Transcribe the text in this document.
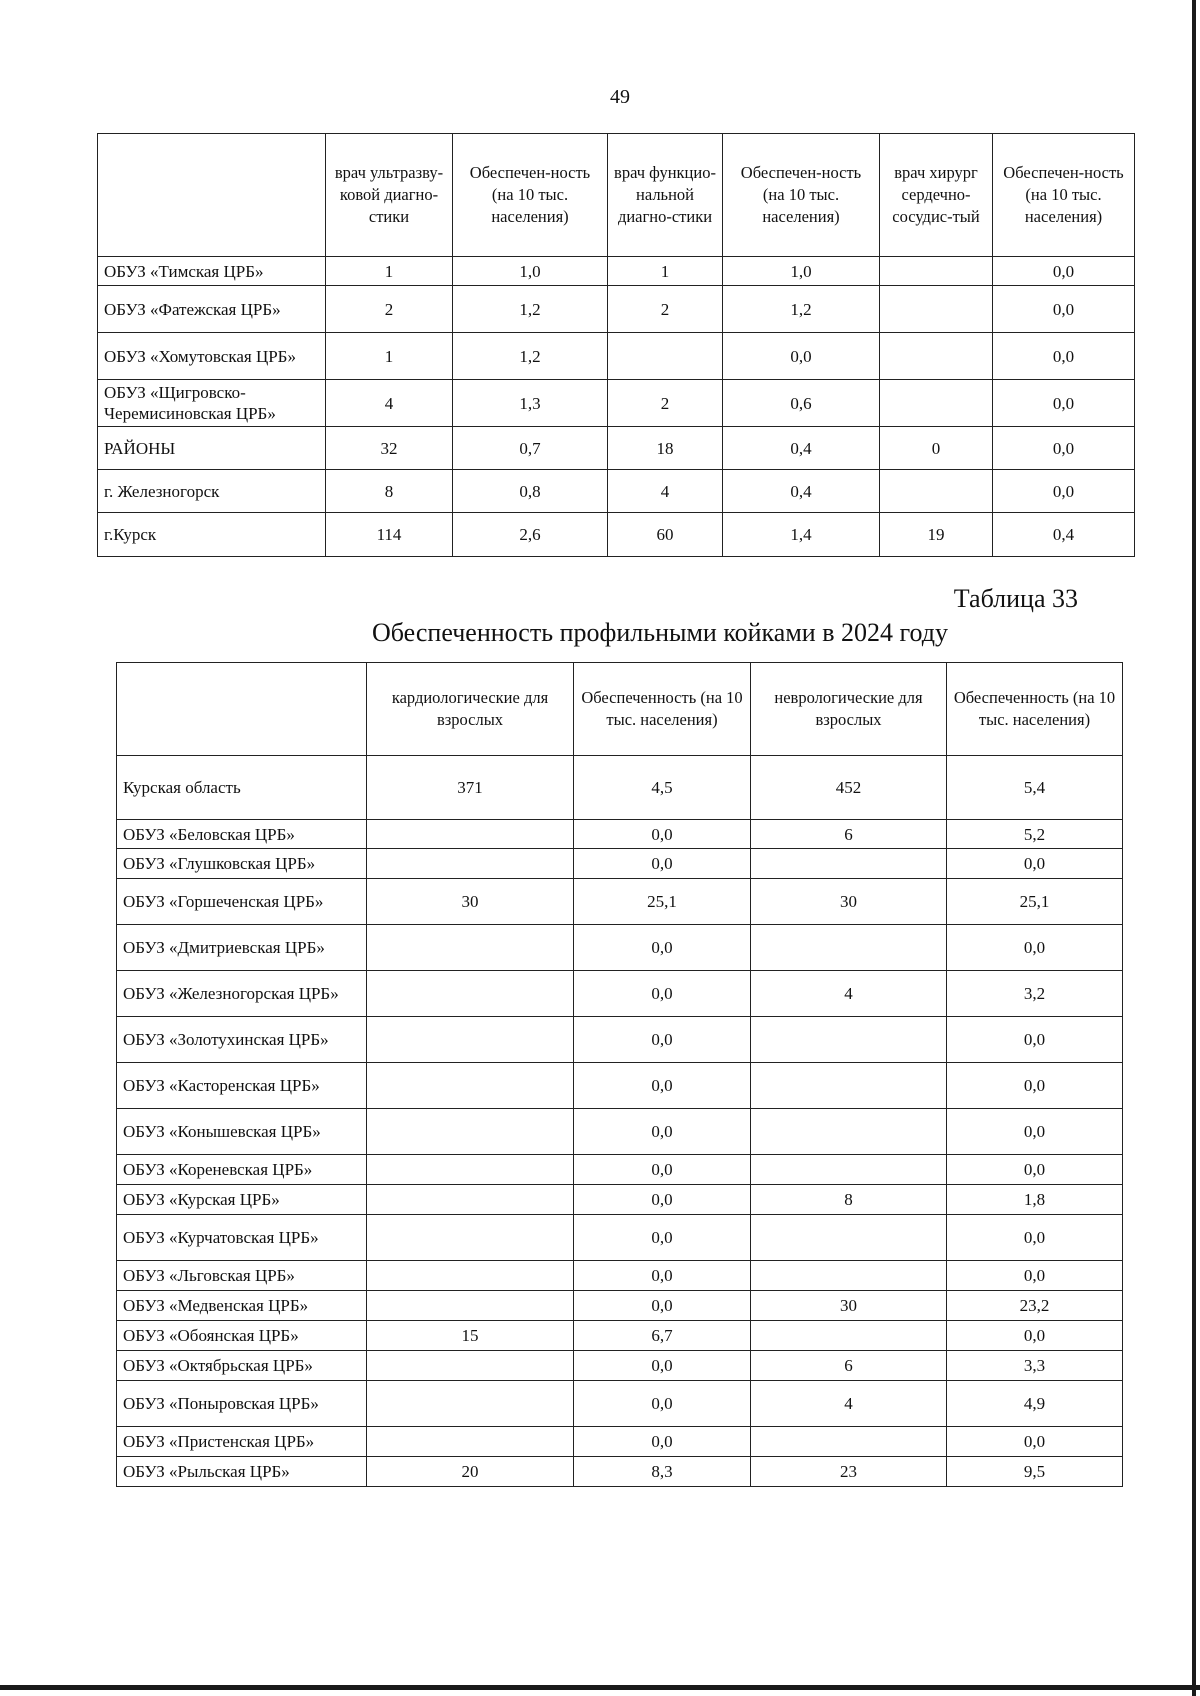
49
	врач ультразву-ковой диагно-стики	Обеспечен-ность (на 10 тыс. населения)	врач функцио-нальной диагно-стики	Обеспечен-ность (на 10 тыс. населения)	врач хирург сердечно-сосудис-тый	Обеспечен-ность (на 10 тыс. населения)
ОБУЗ «Тимская ЦРБ»	1	1,0	1	1,0		0,0
ОБУЗ «Фатежская ЦРБ»	2	1,2	2	1,2		0,0
ОБУЗ «Хомутовская ЦРБ»	1	1,2		0,0		0,0
ОБУЗ «Щигровско-Черемисиновская ЦРБ»	4	1,3	2	0,6		0,0
РАЙОНЫ	32	0,7	18	0,4	0	0,0
г. Железногорск	8	0,8	4	0,4		0,0
г.Курск	114	2,6	60	1,4	19	0,4
Таблица 33
Обеспеченность профильными койками в 2024 году
	кардиологические для взрослых	Обеспеченность (на 10 тыс. населения)	неврологические для взрослых	Обеспеченность (на 10 тыс. населения)
Курская область	371	4,5	452	5,4
ОБУЗ «Беловская ЦРБ»		0,0	6	5,2
ОБУЗ «Глушковская ЦРБ»		0,0		0,0
ОБУЗ «Горшеченская ЦРБ»	30	25,1	30	25,1
ОБУЗ «Дмитриевская ЦРБ»		0,0		0,0
ОБУЗ «Железногорская ЦРБ»		0,0	4	3,2
ОБУЗ «Золотухинская ЦРБ»		0,0		0,0
ОБУЗ «Касторенская ЦРБ»		0,0		0,0
ОБУЗ «Конышевская ЦРБ»		0,0		0,0
ОБУЗ «Кореневская ЦРБ»		0,0		0,0
ОБУЗ «Курская ЦРБ»		0,0	8	1,8
ОБУЗ «Курчатовская ЦРБ»		0,0		0,0
ОБУЗ «Льговская ЦРБ»		0,0		0,0
ОБУЗ «Медвенская ЦРБ»		0,0	30	23,2
ОБУЗ «Обоянская ЦРБ»	15	6,7		0,0
ОБУЗ «Октябрьская ЦРБ»		0,0	6	3,3
ОБУЗ «Поныровская ЦРБ»		0,0	4	4,9
ОБУЗ «Пристенская ЦРБ»		0,0		0,0
ОБУЗ «Рыльская ЦРБ»	20	8,3	23	9,5
